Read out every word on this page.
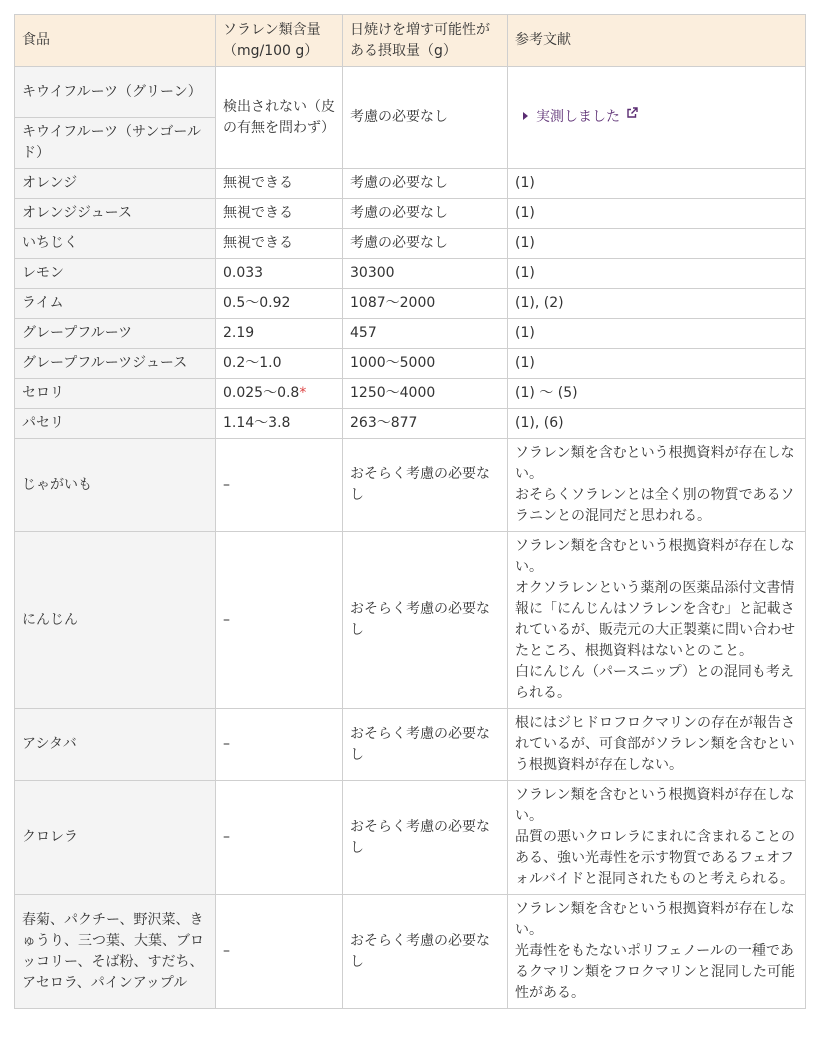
食品	ソラレン類含量（mg/100 g）	日焼けを増す可能性がある摂取量（g）	参考文献
キウイフルーツ（グリーン）	検出されない（皮の有無を問わず）	考慮の必要なし	実測しました
キウイフルーツ（サンゴールド）			
オレンジ	無視できる	考慮の必要なし	(1)
オレンジジュース	無視できる	考慮の必要なし	(1)
いちじく	無視できる	考慮の必要なし	(1)
レモン	0.033	30300	(1)
ライム	0.5～0.92	1087～2000	(1), (2)
グレープフルーツ	2.19	457	(1)
グレープフルーツジュース	0.2～1.0	1000～5000	(1)
セロリ	0.025～0.8*	1250～4000	(1) ～ (5)
パセリ	1.14～3.8	263～877	(1), (6)
じゃがいも	–	おそらく考慮の必要なし	ソラレン類を含むという根拠資料が存在しない。
おそらくソラレンとは全く別の物質であるソラニンとの混同だと思われる。

にんじん	–	おそらく考慮の必要なし	ソラレン類を含むという根拠資料が存在しない。
オクソラレンという薬剤の医薬品添付文書情報に「にんじんはソラレンを含む」と記載されているが、販売元の大正製薬に問い合わせたところ、根拠資料はないとのこと。
白にんじん（パースニップ）との混同も考えられる。

アシタバ	–	おそらく考慮の必要なし	根にはジヒドロフロクマリンの存在が報告されているが、可食部がソラレン類を含むという根拠資料が存在しない。
クロレラ	–	おそらく考慮の必要なし	ソラレン類を含むという根拠資料が存在しない。
品質の悪いクロレラにまれに含まれることのある、強い光毒性を示す物質であるフェオフォルバイドと混同されたものと考えられる。

春菊、パクチー、野沢菜、きゅうり、三つ葉、大葉、ブロッコリー、そば粉、すだち、アセロラ、パインアップル	–	おそらく考慮の必要なし	ソラレン類を含むという根拠資料が存在しない。
光毒性をもたないポリフェノールの一種であるクマリン類をフロクマリンと混同した可能性がある。
